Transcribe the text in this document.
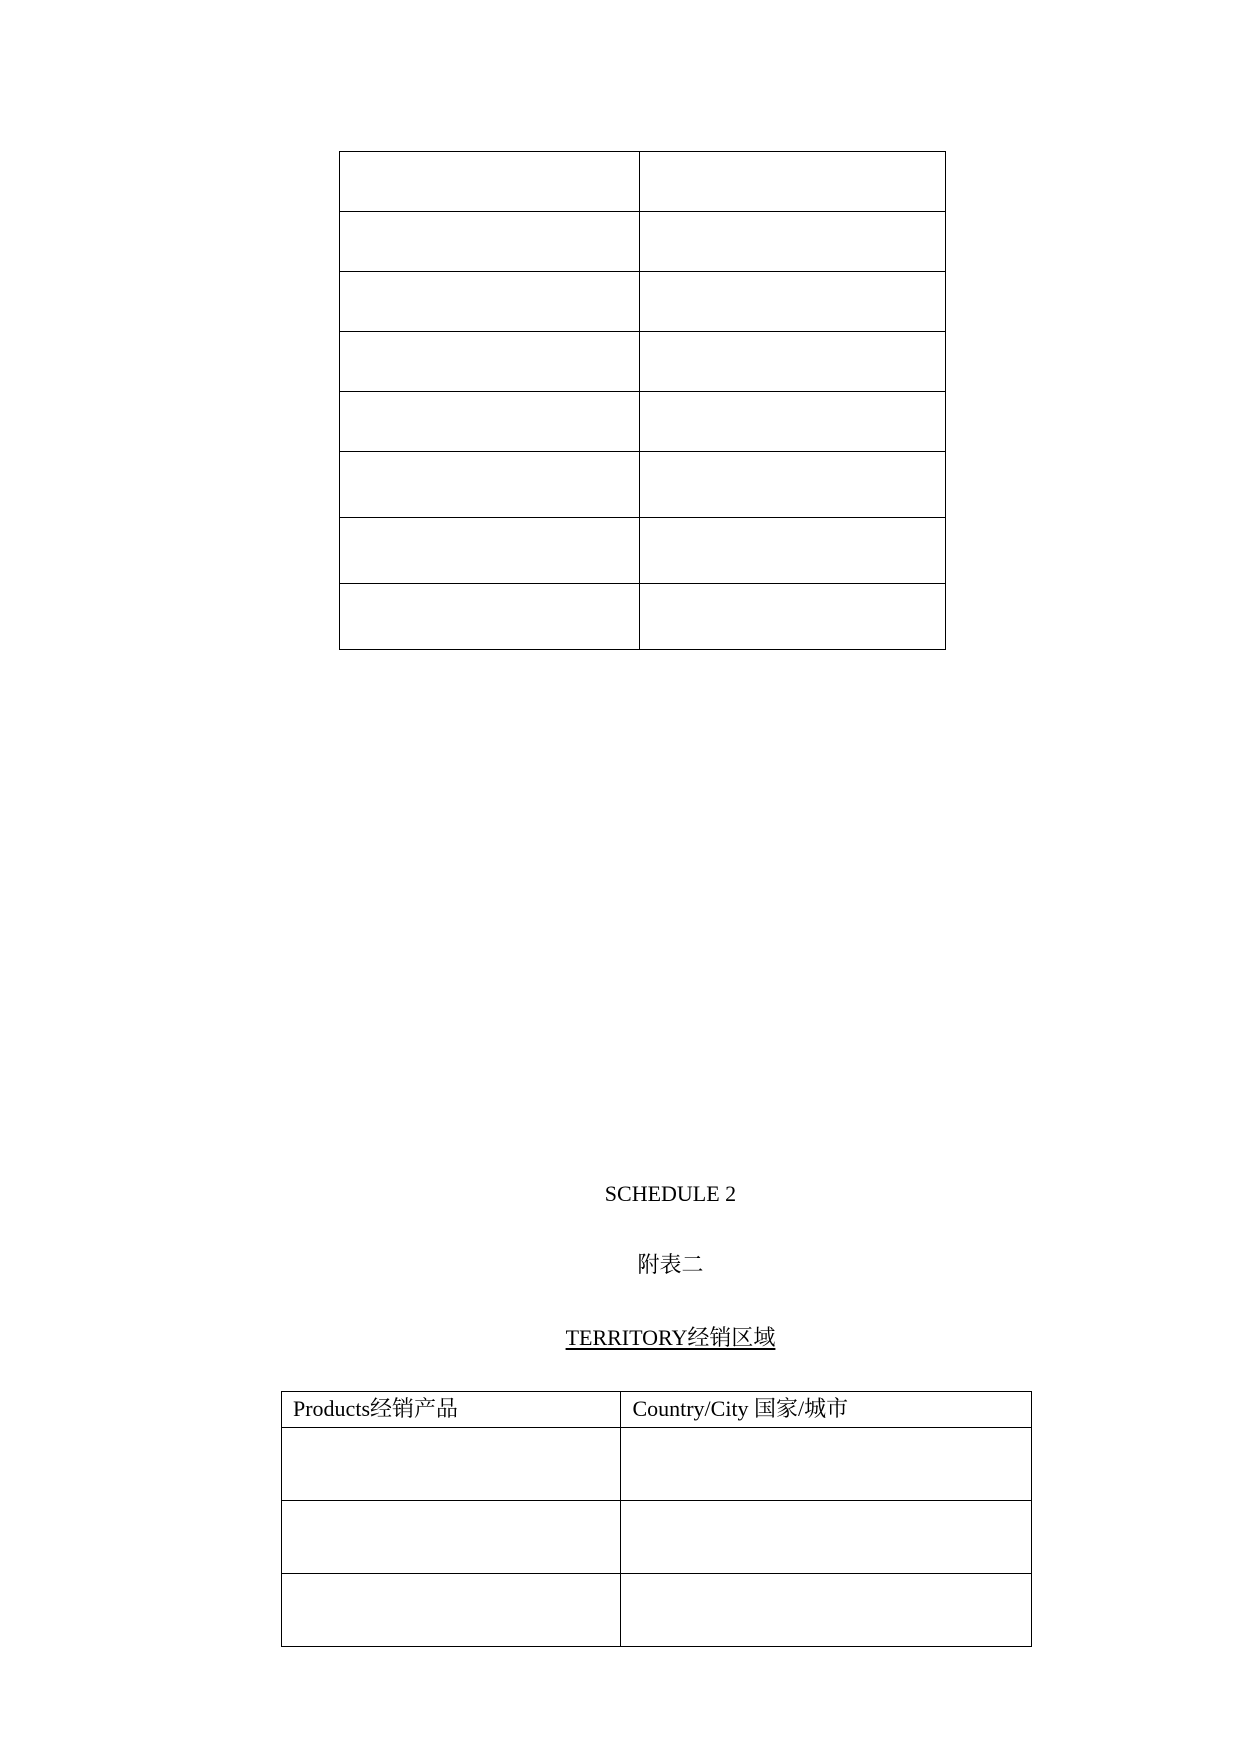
SCHEDULE 2
附表二
TERRITORY经销区域
Products经销产品	Country/City 国家/城市
